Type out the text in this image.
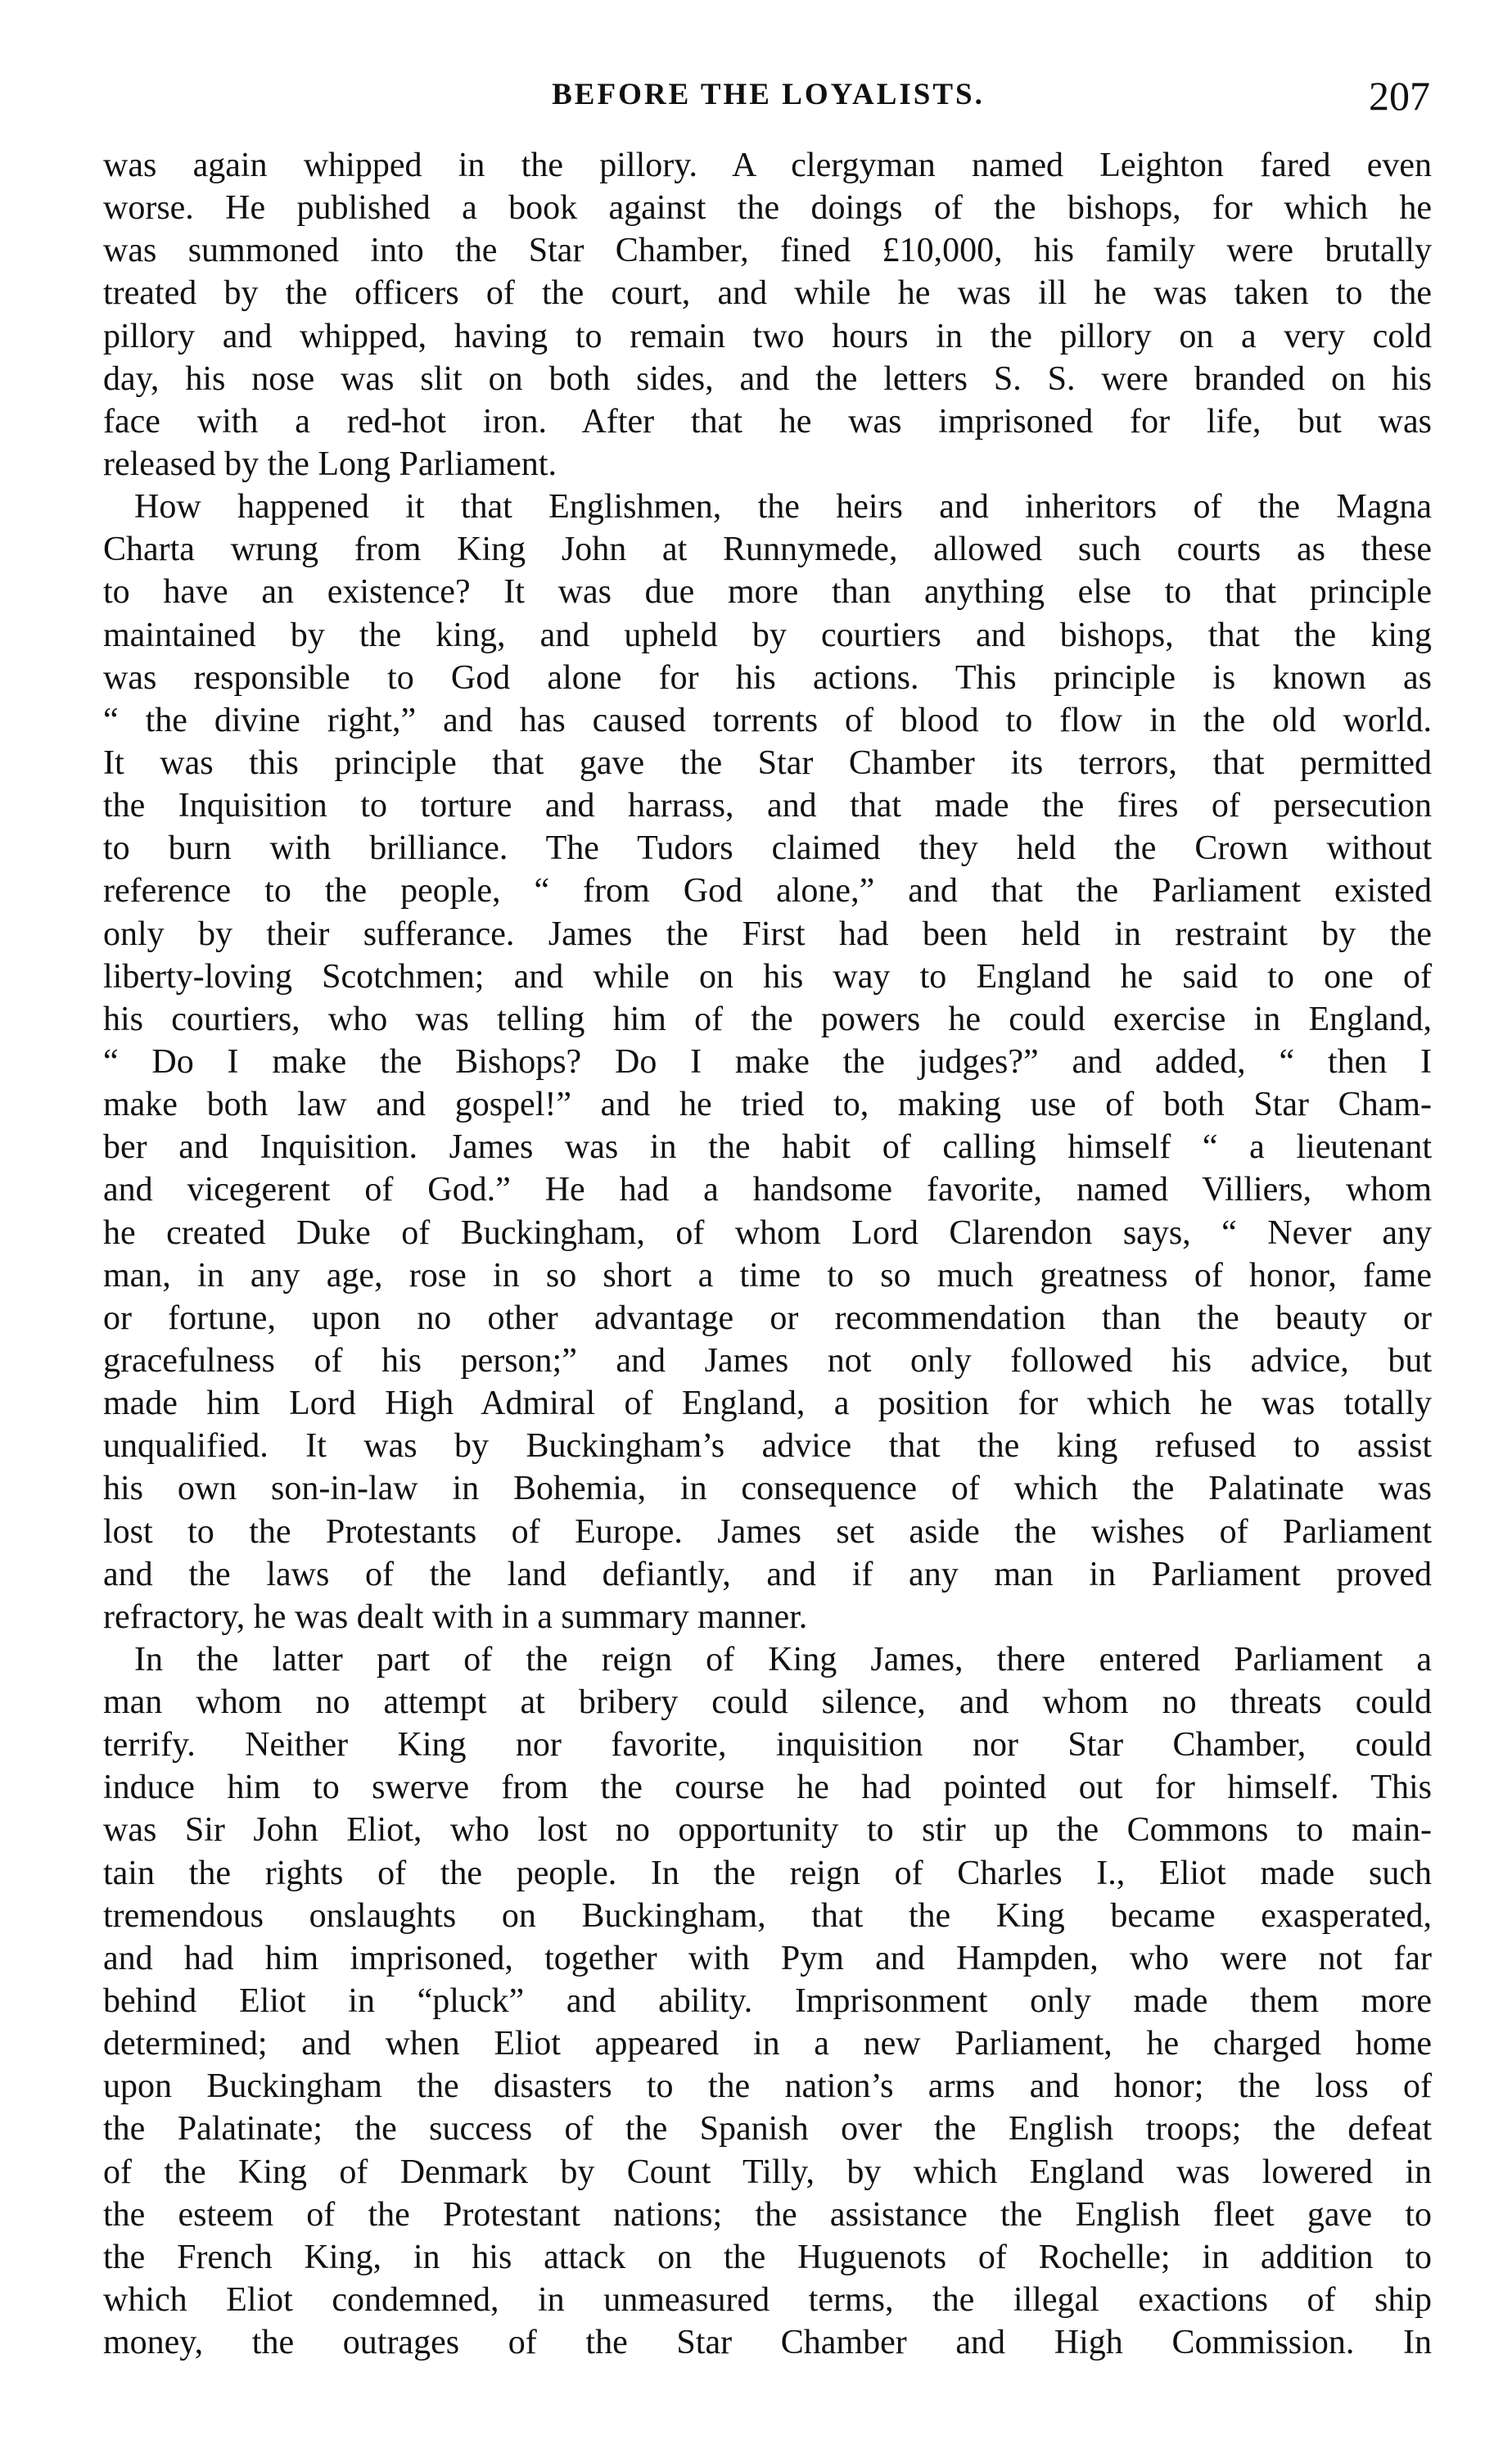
BEFORE THE LOYALISTS.	207
was again whipped in the pillory. A clergyman named Leighton fared even
worse. He published a book against the doings of the bishops, for which he
was summoned into the Star Chamber, fined £10,000, his family were brutally
treated by the officers of the court, and while he was ill he was taken to the
pillory and whipped, having to remain two hours in the pillory on a very cold
day, his nose was slit on both sides, and the letters S. S. were branded on his
face with a red-hot iron. After that he was imprisoned for life, but was
released by the Long Parliament.
How happened it that Englishmen, the heirs and inheritors of the Magna
Charta wrung from King John at Runnymede, allowed such courts as these
to have an existence? It was due more than anything else to that principle
maintained by the king, and upheld by courtiers and bishops, that the king
was responsible to God alone for his actions. This principle is known as
“ the divine right,” and has caused torrents of blood to flow in the old world.
It was this principle that gave the Star Chamber its terrors, that permitted
the Inquisition to torture and harrass, and that made the fires of persecution
to burn with brilliance. The Tudors claimed they held the Crown without
reference to the people, “ from God alone,” and that the Parliament existed
only by their sufferance. James the First had been held in restraint by the
liberty-loving Scotchmen; and while on his way to England he said to one of
his courtiers, who was telling him of the powers he could exercise in England,
“ Do I make the Bishops? Do I make the judges?” and added, “ then I
make both law and gospel!” and he tried to, making use of both Star Cham-
ber and Inquisition. James was in the habit of calling himself “ a lieutenant
and vicegerent of God.” He had a handsome favorite, named Villiers, whom
he created Duke of Buckingham, of whom Lord Clarendon says, “ Never any
man, in any age, rose in so short a time to so much greatness of honor, fame
or fortune, upon no other advantage or recommendation than the beauty or
gracefulness of his person;” and James not only followed his advice, but
made him Lord High Admiral of England, a position for which he was totally
unqualified. It was by Buckingham’s advice that the king refused to assist
his own son-in-law in Bohemia, in consequence of which the Palatinate was
lost to the Protestants of Europe. James set aside the wishes of Parliament
and the laws of the land defiantly, and if any man in Parliament proved
refractory, he was dealt with in a summary manner.
In the latter part of the reign of King James, there entered Parliament a
man whom no attempt at bribery could silence, and whom no threats could
terrify. Neither King nor favorite, inquisition nor Star Chamber, could
induce him to swerve from the course he had pointed out for himself. This
was Sir John Eliot, who lost no opportunity to stir up the Commons to main-
tain the rights of the people. In the reign of Charles I., Eliot made such
tremendous onslaughts on Buckingham, that the King became exasperated,
and had him imprisoned, together with Pym and Hampden, who were not far
behind Eliot in “pluck” and ability. Imprisonment only made them more
determined; and when Eliot appeared in a new Parliament, he charged home
upon Buckingham the disasters to the nation’s arms and honor; the loss of
the Palatinate; the success of the Spanish over the English troops; the defeat
of the King of Denmark by Count Tilly, by which England was lowered in
the esteem of the Protestant nations; the assistance the English fleet gave to
the French King, in his attack on the Huguenots of Rochelle; in addition to
which Eliot condemned, in unmeasured terms, the illegal exactions of ship
money, the outrages of the Star Chamber and High Commission. In
